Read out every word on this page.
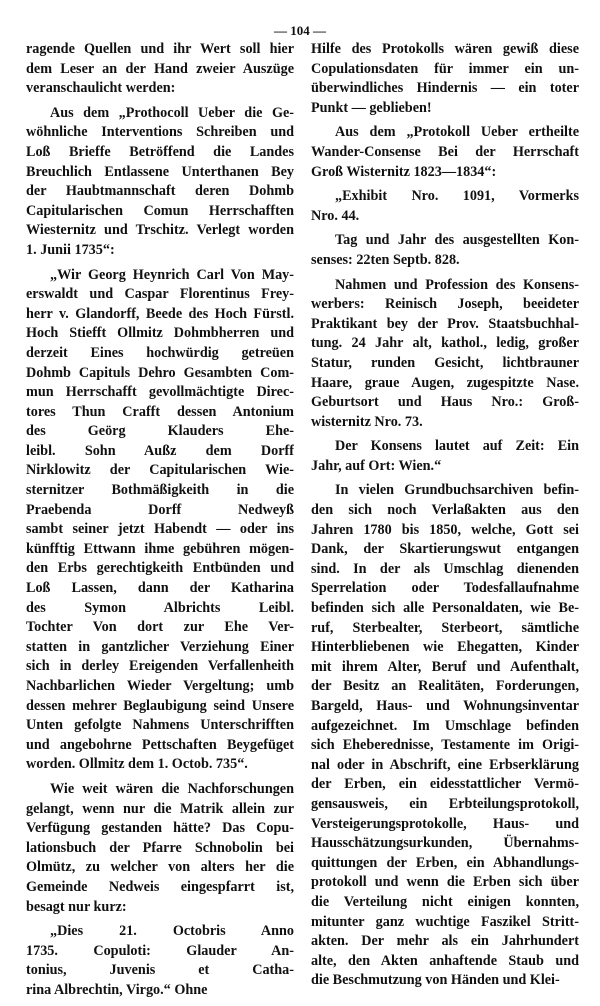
— 104 —
ragende Quellen und ihr Wert soll hier
dem Leser an der Hand zweier Auszüge
veranschaulicht werden:
Aus dem „Prothocoll Ueber die Ge-
wöhnliche Interventions Schreiben und
Loß Brieffe Betröffend die Landes
Breuchlich Entlassene Unterthanen Bey
der Haubtmannschaft deren Dohmb
Capitularischen Comun Herrschafften
Wiesternitz und Trschitz. Verlegt worden
1. Junii 1735“:
„Wir Georg Heynrich Carl Von May-
erswaldt und Caspar Florentinus Frey-
herr v. Glandorff, Beede des Hoch Fürstl.
Hoch Stiefft Ollmitz Dohmbherren und
derzeit Eines hochwürdig getreüen
Dohmb Capituls Dehro Gesambten Com-
mun Herrschafft gevollmächtigte Direc-
tores Thun Crafft dessen Antonium
des Geörg Klauders Ehe-
leibl. Sohn Außz dem Dorff
Nirklowitz der Capitularischen Wie-
sternitzer Bothmäßigkeith in die
Praebenda Dorff Nedweyß
sambt seiner jetzt Habendt — oder ins
künfftig Ettwann ihme gebühren mögen-
den Erbs gerechtigkeith Entbünden und
Loß Lassen, dann der Katharina
des Symon Albrichts Leibl.
Tochter Von dort zur Ehe Ver-
statten in gantzlicher Verziehung Einer
sich in derley Ereigenden Verfallenheith
Nachbarlichen Wieder Vergeltung; umb
dessen mehrer Beglaubigung seind Unsere
Unten gefolgte Nahmens Unterschrifften
und angebohrne Pettschaften Beygefüget
worden. Ollmitz dem 1. Octob. 735“.
Wie weit wären die Nachforschungen
gelangt, wenn nur die Matrik allein zur
Verfügung gestanden hätte? Das Copu-
lationsbuch der Pfarre Schnobolin bei
Olmütz, zu welcher von alters her die
Gemeinde Nedweis eingespfarrt ist,
besagt nur kurz:
„Dies 21. Octobris Anno
1735. Copuloti: Glauder An-
tonius, Juvenis et Catha-
rina Albrechtin, Virgo.“ Ohne
Hilfe des Protokolls wären gewiß diese
Copulationsdaten für immer ein un-
überwindliches Hindernis — ein toter
Punkt — geblieben!
Aus dem „Protokoll Ueber ertheilte
Wander-Consense Bei der Herrschaft
Groß Wisternitz 1823—1834“:
„Exhibit Nro. 1091, Vormerks
Nro. 44.
Tag und Jahr des ausgestellten Kon-
senses: 22ten Septb. 828.
Nahmen und Profession des Konsens-
werbers: Reinisch Joseph, beeideter
Praktikant bey der Prov. Staatsbuchhal-
tung. 24 Jahr alt, kathol., ledig, großer
Statur, runden Gesicht, lichtbrauner
Haare, graue Augen, zugespitzte Nase.
Geburtsort und Haus Nro.: Groß-
wisternitz Nro. 73.
Der Konsens lautet auf Zeit: Ein
Jahr, auf Ort: Wien.“
In vielen Grundbuchsarchiven befin-
den sich noch Verlaßakten aus den
Jahren 1780 bis 1850, welche, Gott sei
Dank, der Skartierungswut entgangen
sind. In der als Umschlag dienenden
Sperrelation oder Todesfallaufnahme
befinden sich alle Personaldaten, wie Be-
ruf, Sterbealter, Sterbeort, sämtliche
Hinterbliebenen wie Ehegatten, Kinder
mit ihrem Alter, Beruf und Aufenthalt,
der Besitz an Realitäten, Forderungen,
Bargeld, Haus- und Wohnungsinventar
aufgezeichnet. Im Umschlage befinden
sich Eheberednisse, Testamente im Origi-
nal oder in Abschrift, eine Erbserklärung
der Erben, ein eidesstattlicher Vermö-
gensausweis, ein Erbteilungsprotokoll,
Versteigerungsprotokolle, Haus- und
Hausschätzungsurkunden, Übernahms-
quittungen der Erben, ein Abhandlungs-
protokoll und wenn die Erben sich über
die Verteilung nicht einigen konnten,
mitunter ganz wuchtige Faszikel Stritt-
akten. Der mehr als ein Jahrhundert
alte, den Akten anhaftende Staub und
die Beschmutzung von Händen und Klei-
